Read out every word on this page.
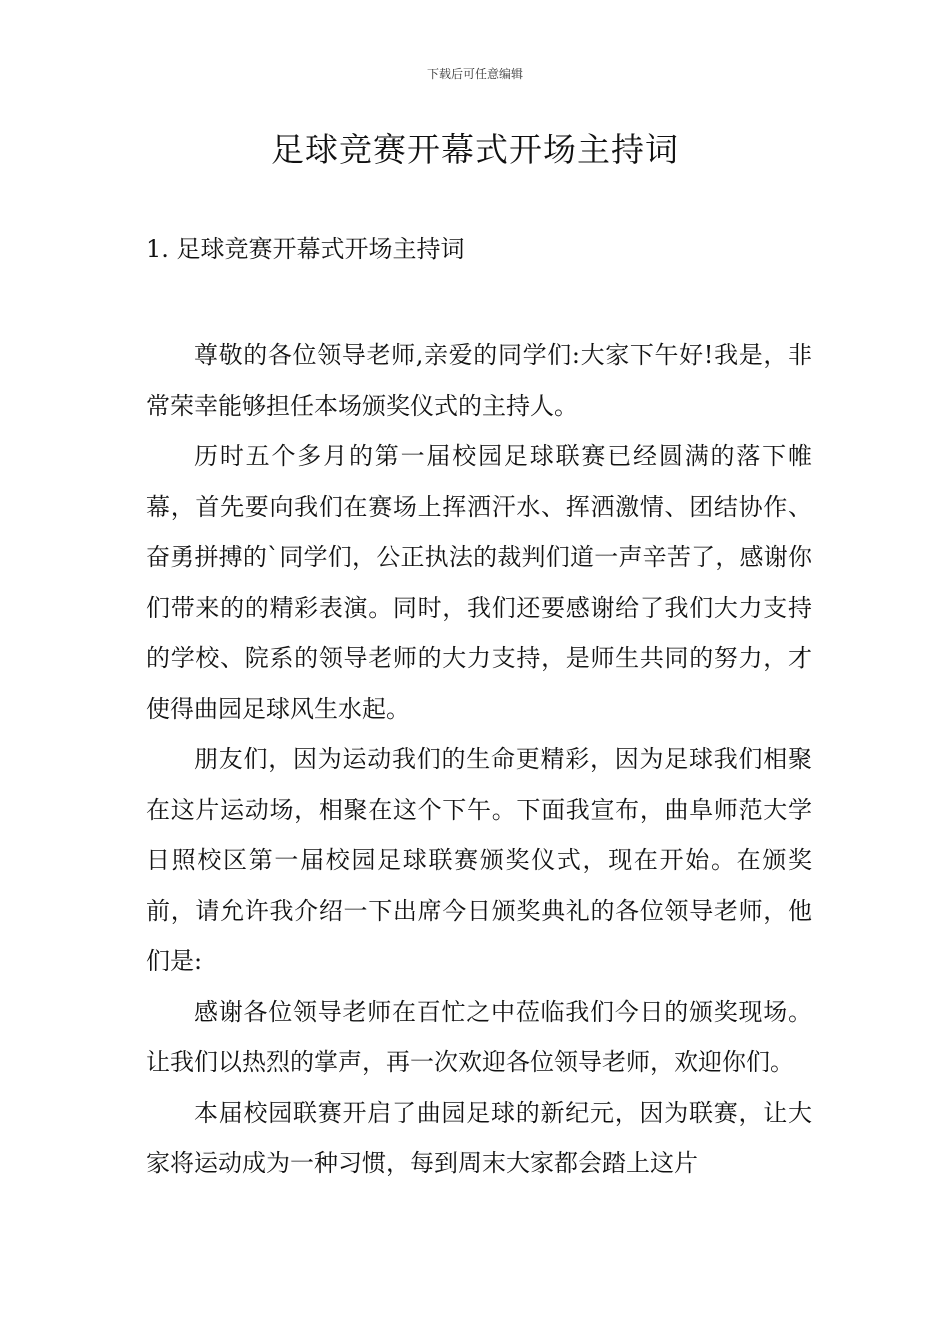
下载后可任意编辑
足球竞赛开幕式开场主持词
1. 足球竞赛开幕式开场主持词

尊敬的各位领导老师,亲爱的同学们:大家下午好!我是，非常荣幸能够担任本场颁奖仪式的主持人。

历时五个多月的第一届校园足球联赛已经圆满的落下帷幕，首先要向我们在赛场上挥洒汗水、挥洒激情、团结协作、奋勇拼搏的`同学们，公正执法的裁判们道一声辛苦了，感谢你们带来的的精彩表演。同时，我们还要感谢给了我们大力支持的学校、院系的领导老师的大力支持，是师生共同的努力，才使得曲园足球风生水起。

朋友们，因为运动我们的生命更精彩，因为足球我们相聚在这片运动场，相聚在这个下午。下面我宣布，曲阜师范大学日照校区第一届校园足球联赛颁奖仪式，现在开始。在颁奖前，请允许我介绍一下出席今日颁奖典礼的各位领导老师，他们是:

感谢各位领导老师在百忙之中莅临我们今日的颁奖现场。让我们以热烈的掌声，再一次欢迎各位领导老师，欢迎你们。

本届校园联赛开启了曲园足球的新纪元，因为联赛，让大家将运动成为一种习惯，每到周末大家都会踏上这片
